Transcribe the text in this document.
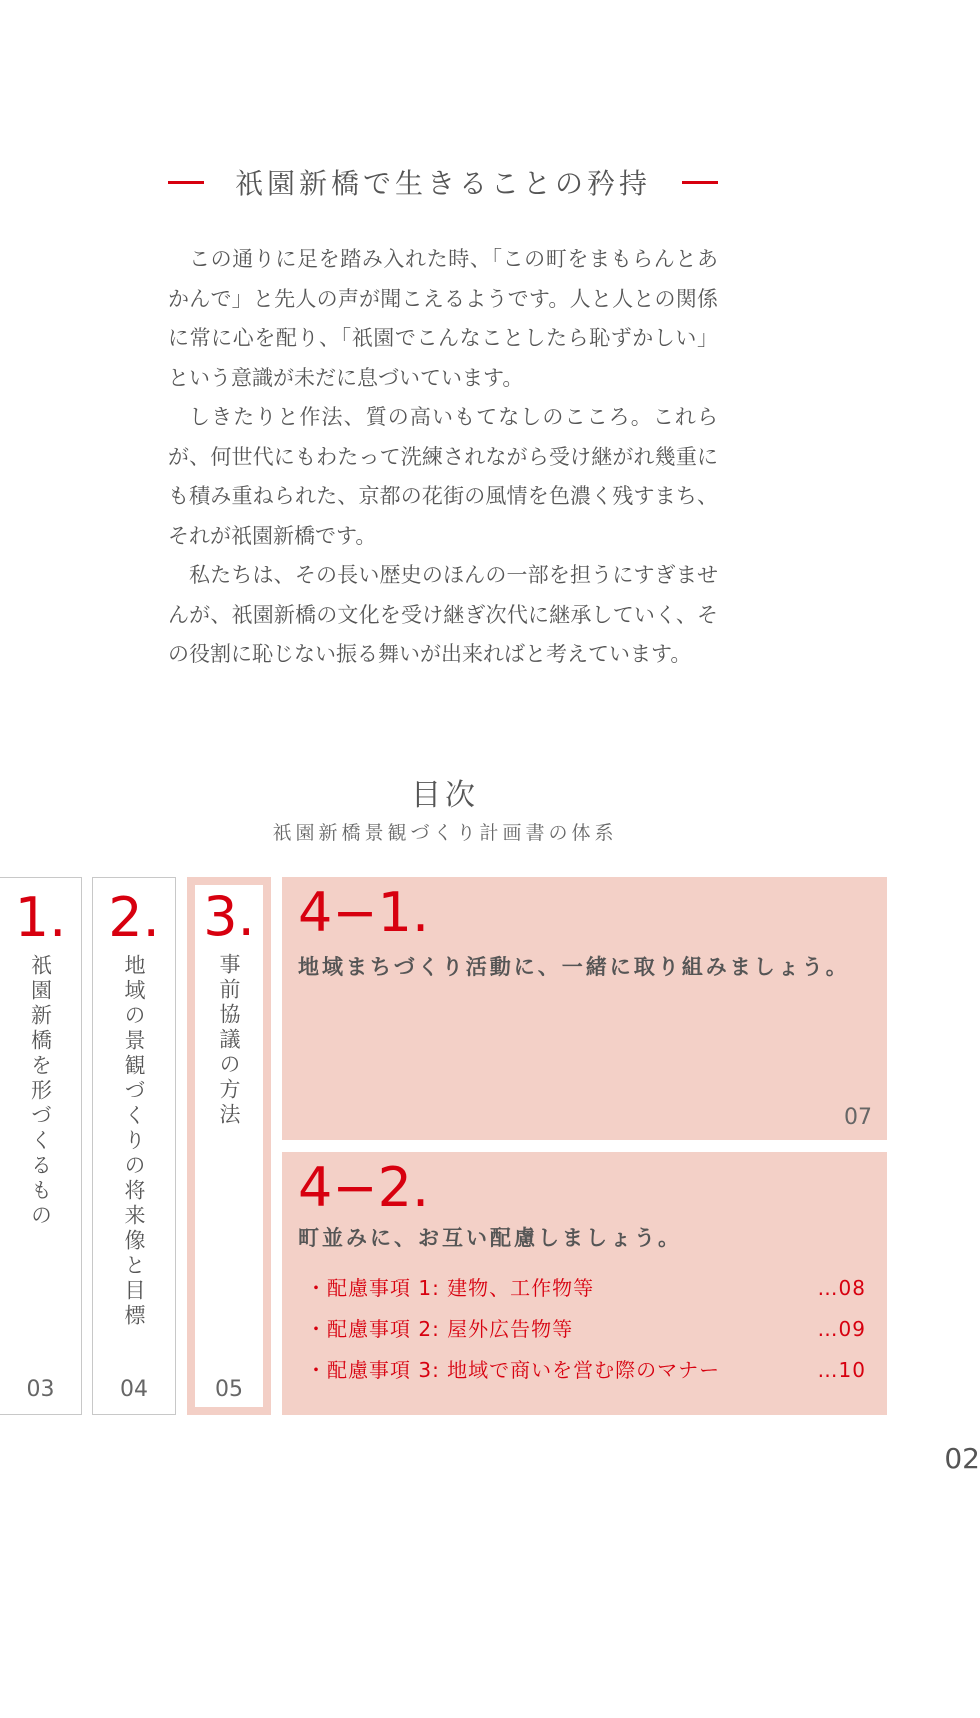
祇園新橋で生きることの矜持

この通りに足を踏み入れた時、「この町をまもらんとあかんで」と先人の声が聞こえるようです。人と人との関係に常に心を配り、「祇園でこんなことしたら恥ずかしい」という意識が未だに息づいています。

しきたりと作法、質の高いもてなしのこころ。これらが、何世代にもわたって洗練されながら受け継がれ幾重にも積み重ねられた、京都の花街の風情を色濃く残すまち、それが祇園新橋です。

私たちは、その長い歴史のほんの一部を担うにすぎませんが、祇園新橋の文化を受け継ぎ次代に継承していく、その役割に恥じない振る舞いが出来ればと考えています。

目次
祇園新橋景観づくり計画書の体系
1.
祇園新橋を形づくるもの
03
2.
地域の景観づくりの将来像と目標
04
3.
事前協議の方法
05
4−1.
地域まちづくり活動に、一緒に取り組みましょう。
07
4−2.
町並みに、お互い配慮しましょう。
・配慮事項 1: 建物、工作物等	…08
・配慮事項 2: 屋外広告物等	…09
・配慮事項 3: 地域で商いを営む際のマナー	…10
02
